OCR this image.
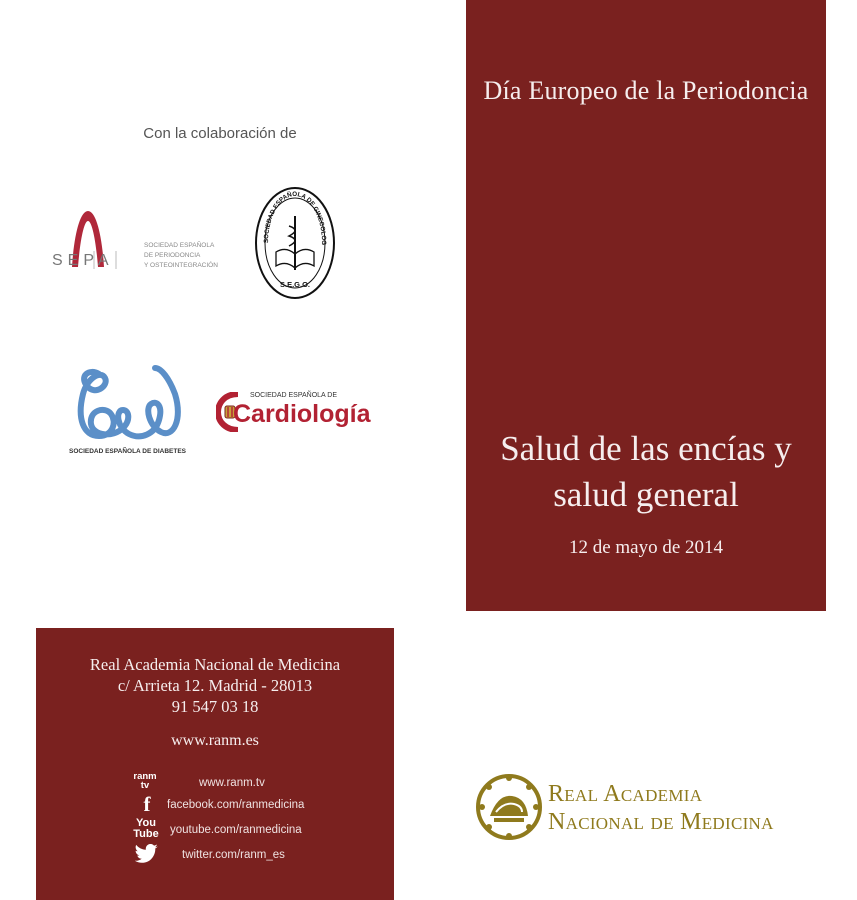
Día Europeo de la Periodoncia
Salud de las encías y
salud general
12 de mayo de 2014
Con la colaboración de
SEPA
SOCIEDAD ESPAÑOLA
DE PERIODONCIA
Y OSTEOINTEGRACIÓN
SOCIEDAD ESPAÑOLA DE GINECOLOG
S.E.G.O.
SOCIEDAD ESPAÑOLA DE DIABETES
SOCIEDAD ESPAÑOLA DE
Cardiología
Real Academia Nacional de Medicina
c/ Arrieta 12. Madrid - 28013
91 547 03 18
www.ranm.es
ranm
tv	www.ranm.tv
f	facebook.com/ranmedicina
You
Tube youtube.com/ranmedicina
twitter.com/ranm_es
Real Academia
Nacional de Medicina
